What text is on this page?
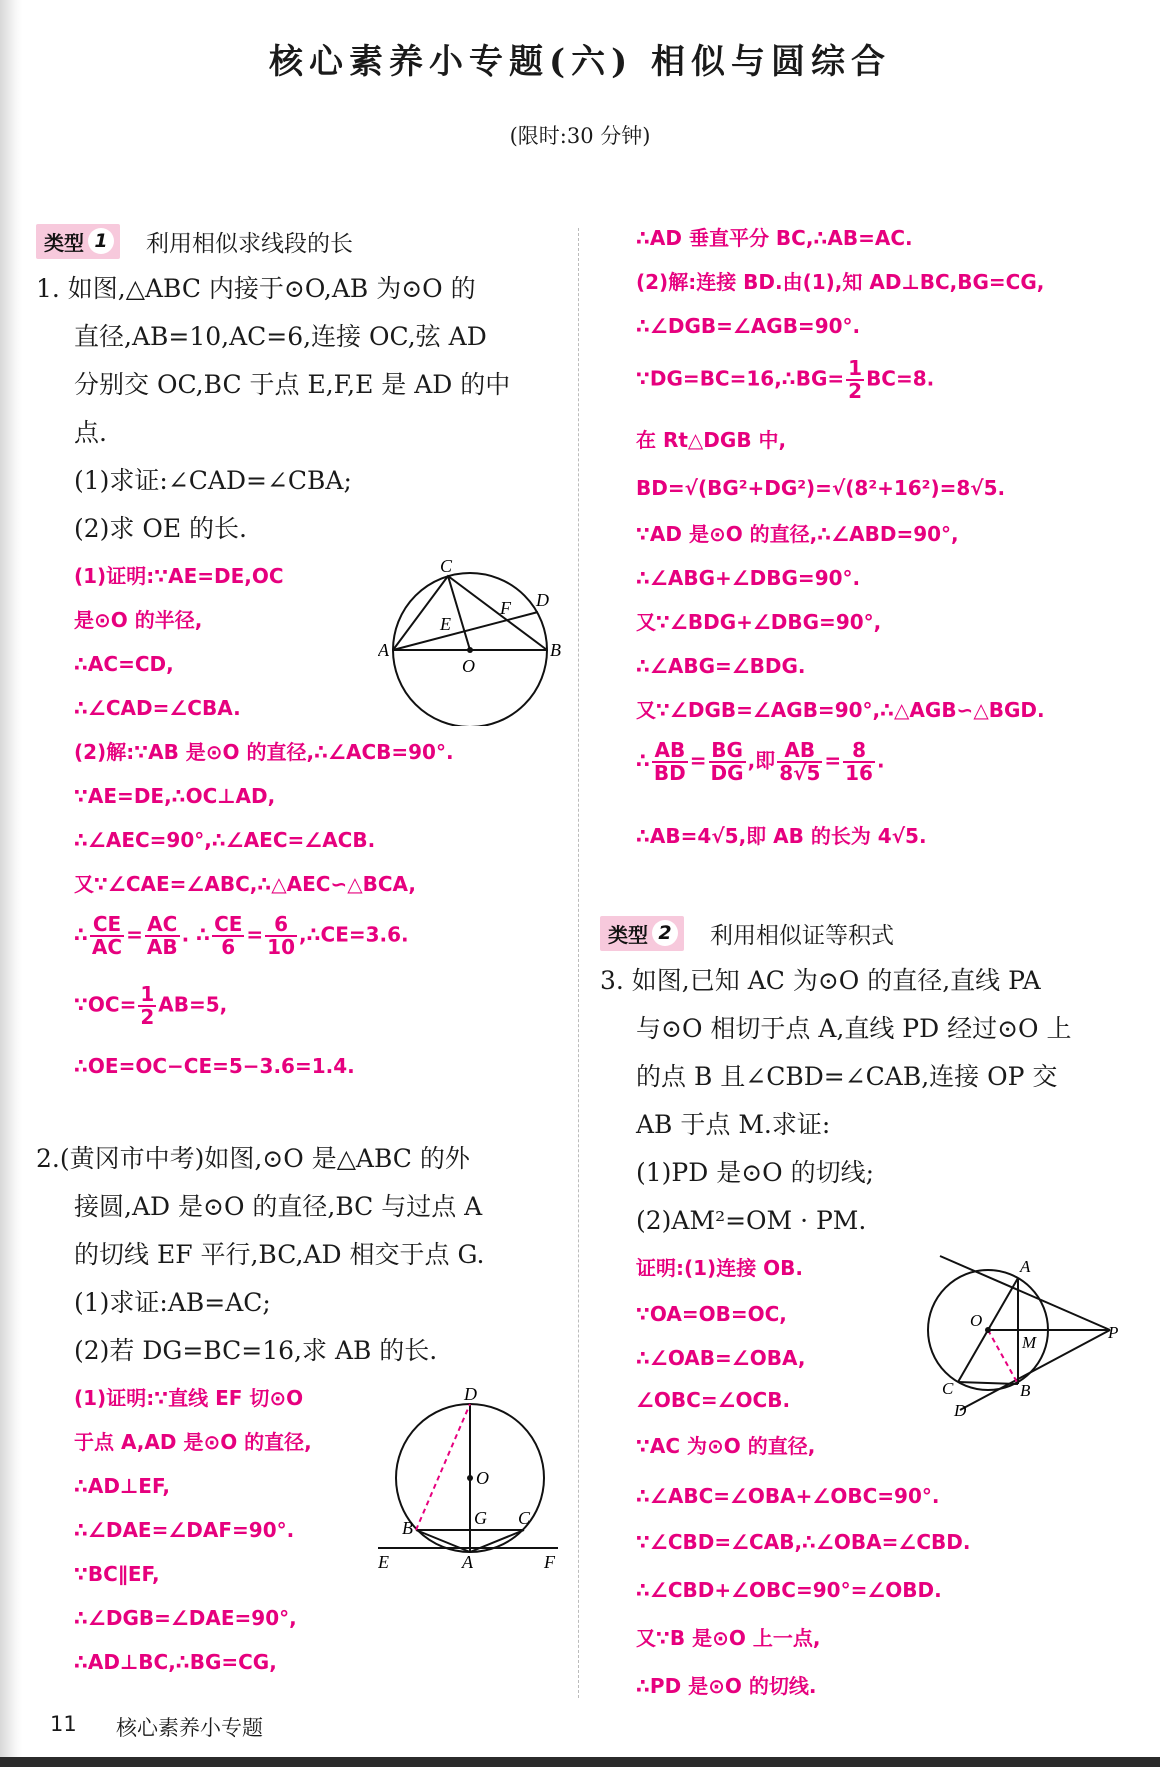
核心素养小专题(六) 相似与圆综合
(限时:30 分钟)
类型 1 利用相似求线段的长
1. 如图,△ABC 内接于⊙O,AB 为⊙O 的
直径,AB=10,AC=6,连接 OC,弦 AD
分别交 OC,BC 于点 E,F,E 是 AD 的中
点.
(1)求证:∠CAD=∠CBA;
(2)求 OE 的长.
(1)证明:∵AE=DE,OC
是⊙O 的半径,
∴AC=CD,
∴∠CAD=∠CBA.
(2)解:∵AB 是⊙O 的直径,∴∠ACB=90°.
∵AE=DE,∴OC⊥AD,
∴∠AEC=90°,∴∠AEC=∠ACB.
又∵∠CAE=∠ABC,∴△AEC∽△BCA,
∴ $\frac{CE}{AC} = \frac{AC}{AB}$ . ∴ $\frac{CE}{6} = \frac{6}{10}$ ,∴CE=3.6.
∵OC= $\frac{1}{2} AB=5$,
∴OE=OC−CE=5−3.6=1.4.
C
E
F D
A
O
B
2.(黄冈市中考)如图,⊙O 是△ABC 的外
接圆,AD 是⊙O 的直径,BC 与过点 A
的切线 EF 平行,BC,AD 相交于点 G.
(1)求证:AB=AC;
(2)若 DG=BC=16,求 AB 的长.
(1)证明:∵直线 EF 切⊙O
于点 A,AD 是⊙O 的直径,
∴AD⊥EF,
∴∠DAE=∠DAF=90°.
∵BC∥EF,
∴∠DGB=∠DAE=90°,
∴AD⊥BC,∴BG=CG,
D
O
G
B	C
E	A	F
∴AD 垂直平分 BC,∴AB=AC.
(2)解:连接 BD.由(1),知 AD⊥BC,BG=CG,
∴∠DGB=∠AGB=90°.
∵DG=BC=16,∴BG= $\frac{1}{2} BC=8$.
在 Rt△DGB 中,
BD=√(BG²+DG²)=√(8²+16²)=8√5.
∵AD 是⊙O 的直径,∴∠ABD=90°,
∴∠ABG+∠DBG=90°.
又∵∠BDG+∠DBG=90°,
∴∠ABG=∠BDG.
又∵∠DGB=∠AGB=90°,∴△AGB∽△BGD.
∴ $\frac{AB}{BD} = \frac{BG}{DG}$ ,即 $\frac{AB}{8√5} = \frac{8}{16}$ .
∴AB=4√5,即 AB 的长为 4√5.
类型 2 利用相似证等积式
3. 如图,已知 AC 为⊙O 的直径,直线 PA
与⊙O 相切于点 A,直线 PD 经过⊙O 上
的点 B 且∠CBD=∠CAB,连接 OP 交
AB 于点 M.求证:
(1)PD 是⊙O 的切线;
(2)AM²=OM · PM.
证明:(1)连接 OB.
∵OA=OB=OC,
∴∠OAB=∠OBA,
∠OBC=∠OCB.
∵AC 为⊙O 的直径,
∴∠ABC=∠OBA+∠OBC=90°.
∵∠CBD=∠CAB,∴∠OBA=∠CBD.
∴∠CBD+∠OBC=90°=∠OBD.
又∵B 是⊙O 上一点,
∴PD 是⊙O 的切线.
A
O
M
P
C	B
D
11 核心素养小专题
